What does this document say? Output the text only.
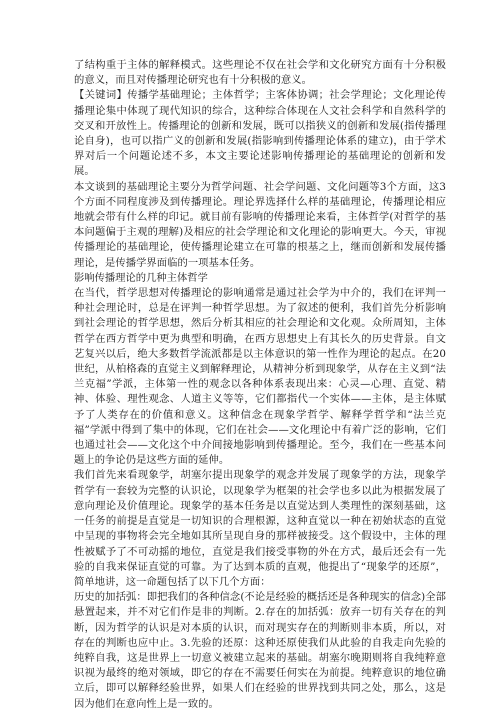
了结构重于主体的解释模式。这些理论不仅在社会学和文化研究方面有十分积极的意义，而且对传播理论研究也有十分积极的意义。

【关键词】传播学基础理论；主体哲学；主客体协调；社会学理论；文化理论传播理论集中体现了现代知识的综合，这种综合体现在人文社会科学和自然科学的交叉和开放性上。传播理论的创新和发展，既可以指狭义的创新和发展(指传播理论自身)，也可以指广义的创新和发展(指影响到传播理论体系的建立)，由于学术界对后一个问题论述不多，本文主要论述影响传播理论的基础理论的创新和发展。

本文谈到的基础理论主要分为哲学问题、社会学问题、文化问题等3个方面，这3个方面不同程度涉及到传播理论。理论界选择什么样的基础理论，传播理论相应地就会带有什么样的印记。就目前有影响的传播理论来看，主体哲学(对哲学的基本问题偏于主观的理解)及相应的社会学理论和文化理论的影响更大。今天，审视传播理论的基础理论，使传播理论建立在可靠的根基之上，继而创新和发展传播理论，是传播学界面临的一项基本任务。

影响传播理论的几种主体哲学

在当代，哲学思想对传播理论的影响通常是通过社会学为中介的，我们在评判一种社会理论时，总是在评判一种哲学思想。为了叙述的便利，我们首先分析影响到社会理论的哲学思想，然后分析其相应的社会理论和文化观。众所周知，主体哲学在西方哲学中更为典型和明确，在西方思想史上有其长久的历史背景。自文艺复兴以后，绝大多数哲学流派都是以主体意识的第一性作为理论的起点。在20世纪，从柏格森的直觉主义到解释理论，从精神分析到现象学，从存在主义到“法兰克福”学派，主体第一性的观念以各种体系表现出来：心灵—心理、直觉、精神、体验、理性观念、人道主义等等，它们都指代一个实体——主体，是主体赋予了人类存在的价值和意义。这种信念在现象学哲学、解释学哲学和“法兰克福”学派中得到了集中的体现，它们在社会——文化理论中有着广泛的影响，它们也通过社会——文化这个中介间接地影响到传播理论。至今，我们在一些基本问题上的争论仍是这些方面的延伸。

我们首先来看现象学，胡塞尔提出现象学的观念并发展了现象学的方法，现象学哲学有一套较为完整的认识论，以现象学为框架的社会学也多以此为根据发展了意向理论及价值理论。现象学的基本任务是以直觉达到人类理性的深刻基础，这一任务的前提是直觉是一切知识的合理根源，这种直觉以一种在初始状态的直觉中呈现的事物将会完全地如其所呈现自身的那样被接受。这个假设中，主体的理性被赋予了不可动摇的地位，直觉是我们接受事物的外在方式，最后还会有一先验的自我来保证直觉的可靠。为了达到本质的直观，他提出了“现象学的还原”，简单地讲，这一命题包括了以下几个方面：

历史的加括弧：即把我们的各种信念(不论是经验的概括还是各种现实的信念)全部悬置起来，并不对它们作是非的判断。2.存在的加括弧：放弃一切有关存在的判断，因为哲学的认识是对本质的认识，而对现实存在的判断则非本质，所以，对存在的判断也应中止。3.先验的还原：这种还原使我们从此验的自我走向先验的纯粹自我，这是世界上一切意义被建立起来的基础。胡塞尔晚期则将自我纯粹意识视为最终的绝对领域，即它的存在不需要任何实在为前提。纯粹意识的地位确立后，即可以解释经验世界，如果人们在经验的世界找到共同之处，那么，这是因为他们在意向性上是一致的。
